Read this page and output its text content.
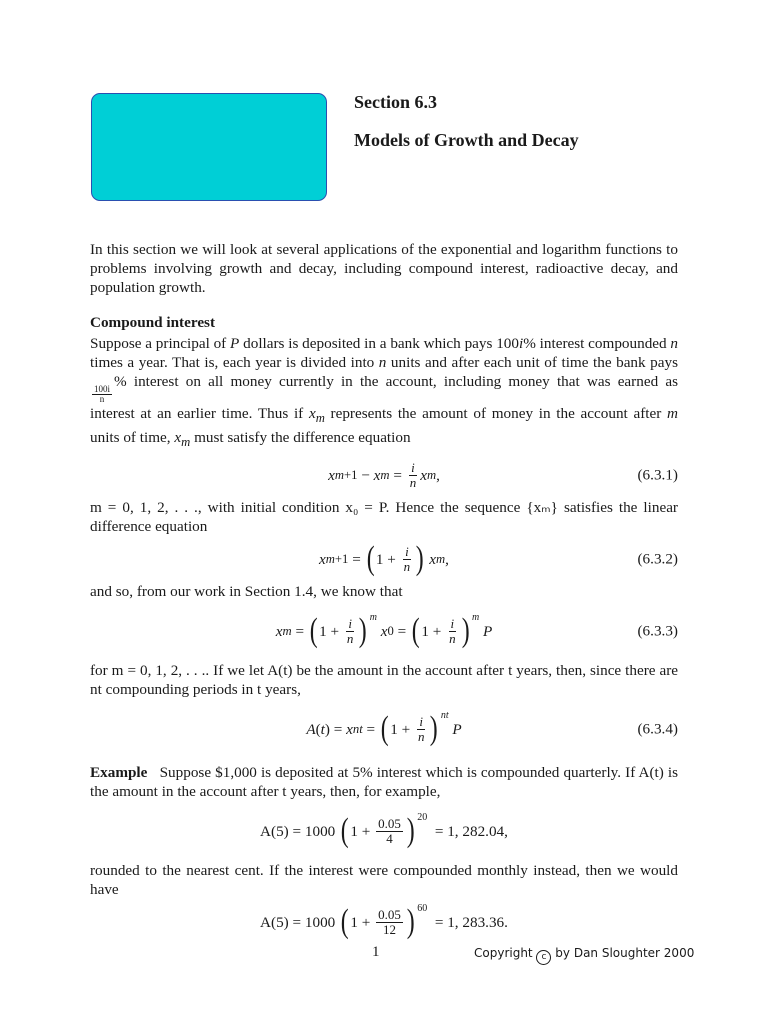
Section 6.3
Models of Growth and Decay

In this section we will look at several applications of the exponential and logarithm functions to problems involving growth and decay, including compound interest, radioactive decay, and population growth.

Compound interest

Suppose a principal of P dollars is deposited in a bank which pays 100i% interest compounded n times a year. That is, each year is divided into n units and after each unit of time the bank pays
$\frac{100i}{n}$
% interest on all money currently in the account, including money that was earned as interest at an earlier time. Thus if $x_m$ represents the amount of money in the account after m units of time, $x_m$ must satisfy the difference equation

x m+1 − x $m = \frac{i}{n}$ x m ,	(6.3.1)

m = 0, 1, 2, . . ., with initial condition x₀ = P. Hence the sequence {xₘ} satisfies the linear difference equation

x m+1 = ( $1 + \frac{i}{n}$ )
x m ,	(6.3.2)

and so, from our work in Section 1.4, we know that

x m = ( $1 + \frac{i}{n}$ ) m

x 0 = ( $1 + \frac{i}{n}$ ) m

P	(6.3.3)

for m = 0, 1, 2, . . .. If we let A(t) be the amount in the account after t years, then, since there are nt compounding periods in t years,

A ( t ) = x nt = ( $1 + \frac{i}{n}$ ) nt

P	(6.3.4)

Example Suppose $1,000 is deposited at 5% interest which is compounded quarterly. If A(t) is the amount in the account after t years, then, for example,

A(5) = 1000
( $1 + \frac{0.05}{4}$ ) 20

= 1, 282.04,

rounded to the nearest cent. If the interest were compounded monthly instead, then we would have

A(5) = 1000
( $1 + \frac{0.05}{12}$ ) 60

= 1, 283.36.
1	Copyright c by Dan Sloughter 2000
